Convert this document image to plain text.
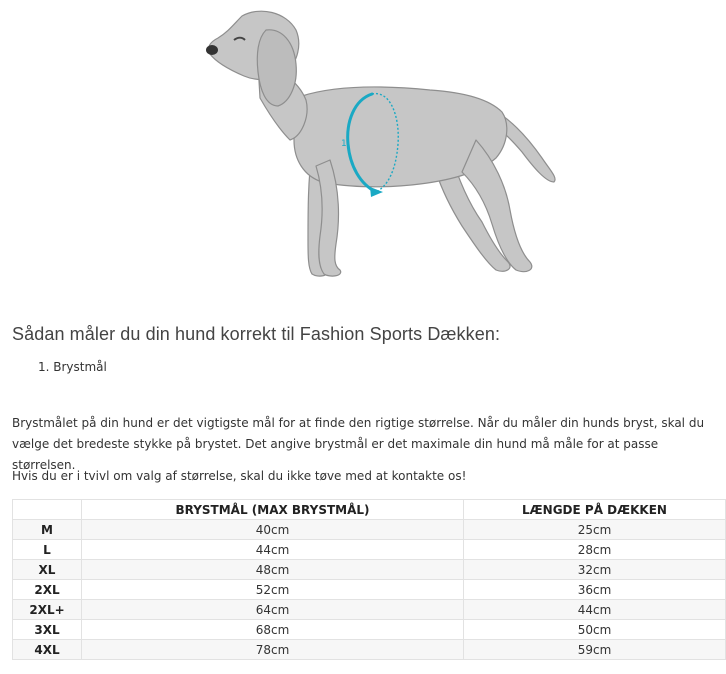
1
Sådan måler du din hund korrekt til Fashion Sports Dækken:
1. Brystmål

Brystmålet på din hund er det vigtigste mål for at finde den rigtige størrelse. Når du måler din hunds bryst, skal du vælge det bredeste stykke på brystet. Det angive brystmål er det maximale din hund må måle for at passe størrelsen.

Hvis du er i tvivl om valg af størrelse, skal du ikke tøve med at kontakte os!

	BRYSTMÅL (MAX BRYSTMÅL)	LÆNGDE PÅ DÆKKEN
M	40cm	25cm
L	44cm	28cm
XL	48cm	32cm
2XL	52cm	36cm
2XL+	64cm	44cm
3XL	68cm	50cm
4XL	78cm	59cm
